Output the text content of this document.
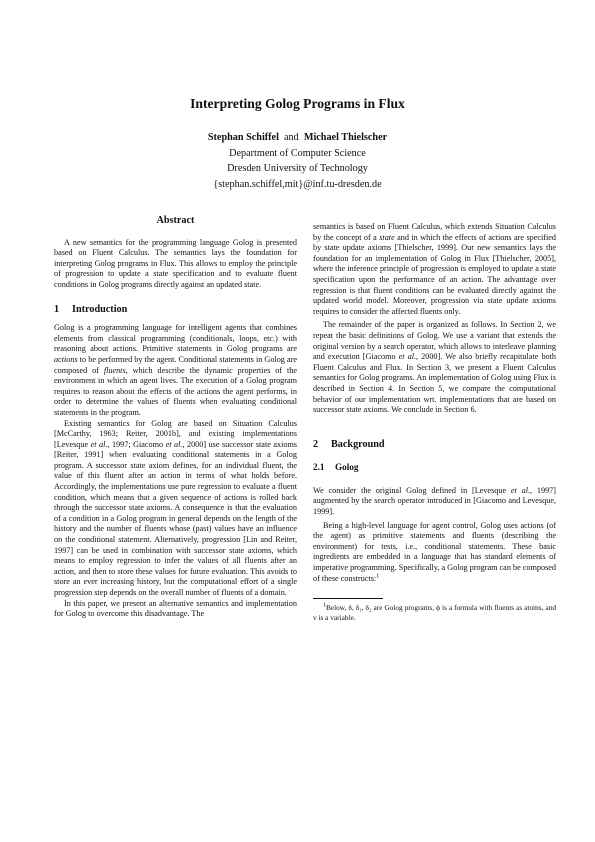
Interpreting Golog Programs in Flux
Stephan Schiffel and Michael Thielscher
Department of Computer Science
Dresden University of Technology
{stephan.schiffel,mit}@inf.tu-dresden.de
Abstract

A new semantics for the programming language Golog is presented based on Fluent Calculus. The semantics lays the foundation for interpreting Golog programs in Flux. This allows to employ the principle of progression to update a state specification and to evaluate fluent conditions in Golog programs directly against an updated state.

1 Introduction

Golog is a programming language for intelligent agents that combines elements from classical programming (conditionals, loops, etc.) with reasoning about actions. Primitive statements in Golog programs are actions to be performed by the agent. Conditional statements in Golog are composed of fluents, which describe the dynamic properties of the environment in which an agent lives. The execution of a Golog program requires to reason about the effects of the actions the agent performs, in order to determine the values of fluents when evaluating conditional statements in the program.

Existing semantics for Golog are based on Situation Calculus [McCarthy, 1963; Reiter, 2001b], and existing implementations [Levesque et al., 1997; Giacomo et al., 2000] use successor state axioms [Reiter, 1991] when evaluating conditional statements in a Golog program. A successor state axiom defines, for an individual fluent, the value of this fluent after an action in terms of what holds before. Accordingly, the implementations use pure regression to evaluate a fluent condition, which means that a given sequence of actions is rolled back through the successor state axioms. A consequence is that the evaluation of a condition in a Golog program in general depends on the length of the history and the number of fluents whose (past) values have an influence on the conditional statement. Alternatively, progression [Lin and Reiter, 1997] can be used in combination with successor state axioms, which means to employ regression to infer the values of all fluents after an action, and then to store these values for future evaluation. This avoids to store an ever increasing history, but the computational effort of a single progression step depends on the overall number of fluents of a domain.

In this paper, we present an alternative semantics and implementation for Golog to overcome this disadvantage. The

semantics is based on Fluent Calculus, which extends Situation Calculus by the concept of a state and in which the effects of actions are specified by state update axioms [Thielscher, 1999]. Our new semantics lays the foundation for an implementation of Golog in Flux [Thielscher, 2005], where the inference principle of progression is employed to update a state specification upon the performance of an action. The advantage over regression is that fluent conditions can be evaluated directly against the updated world model. Moreover, progression via state update axioms requires to consider the affected fluents only.

The remainder of the paper is organized as follows. In Section 2, we repeat the basic definitions of Golog. We use a variant that extends the original version by a search operator, which allows to interleave planning and execution [Giacomo et al., 2000]. We also briefly recapitulate both Fluent Calculus and Flux. In Section 3, we present a Fluent Calculus semantics for Golog programs. An implementation of Golog using Flux is described in Section 4. In Section 5, we compare the computational behavior of our implementation wrt. implementations that are based on successor state axioms. We conclude in Section 6.

2 Background
2.1 Golog

We consider the original Golog defined in [Levesque et al., 1997] augmented by the search operator introduced in [Giacomo and Levesque, 1999].

Being a high-level language for agent control, Golog uses actions (of the agent) as primitive statements and fluents (describing the environment) for tests, i.e., conditional statements. These basic ingredients are embedded in a language that has standard elements of imperative programming. Specifically, a Golog program can be composed of these constructs:$^1$

$^1$Below, δ, δ₁, δ₂ are Golog programs, ϕ is a formula with fluents as atoms, and v is a variable.
